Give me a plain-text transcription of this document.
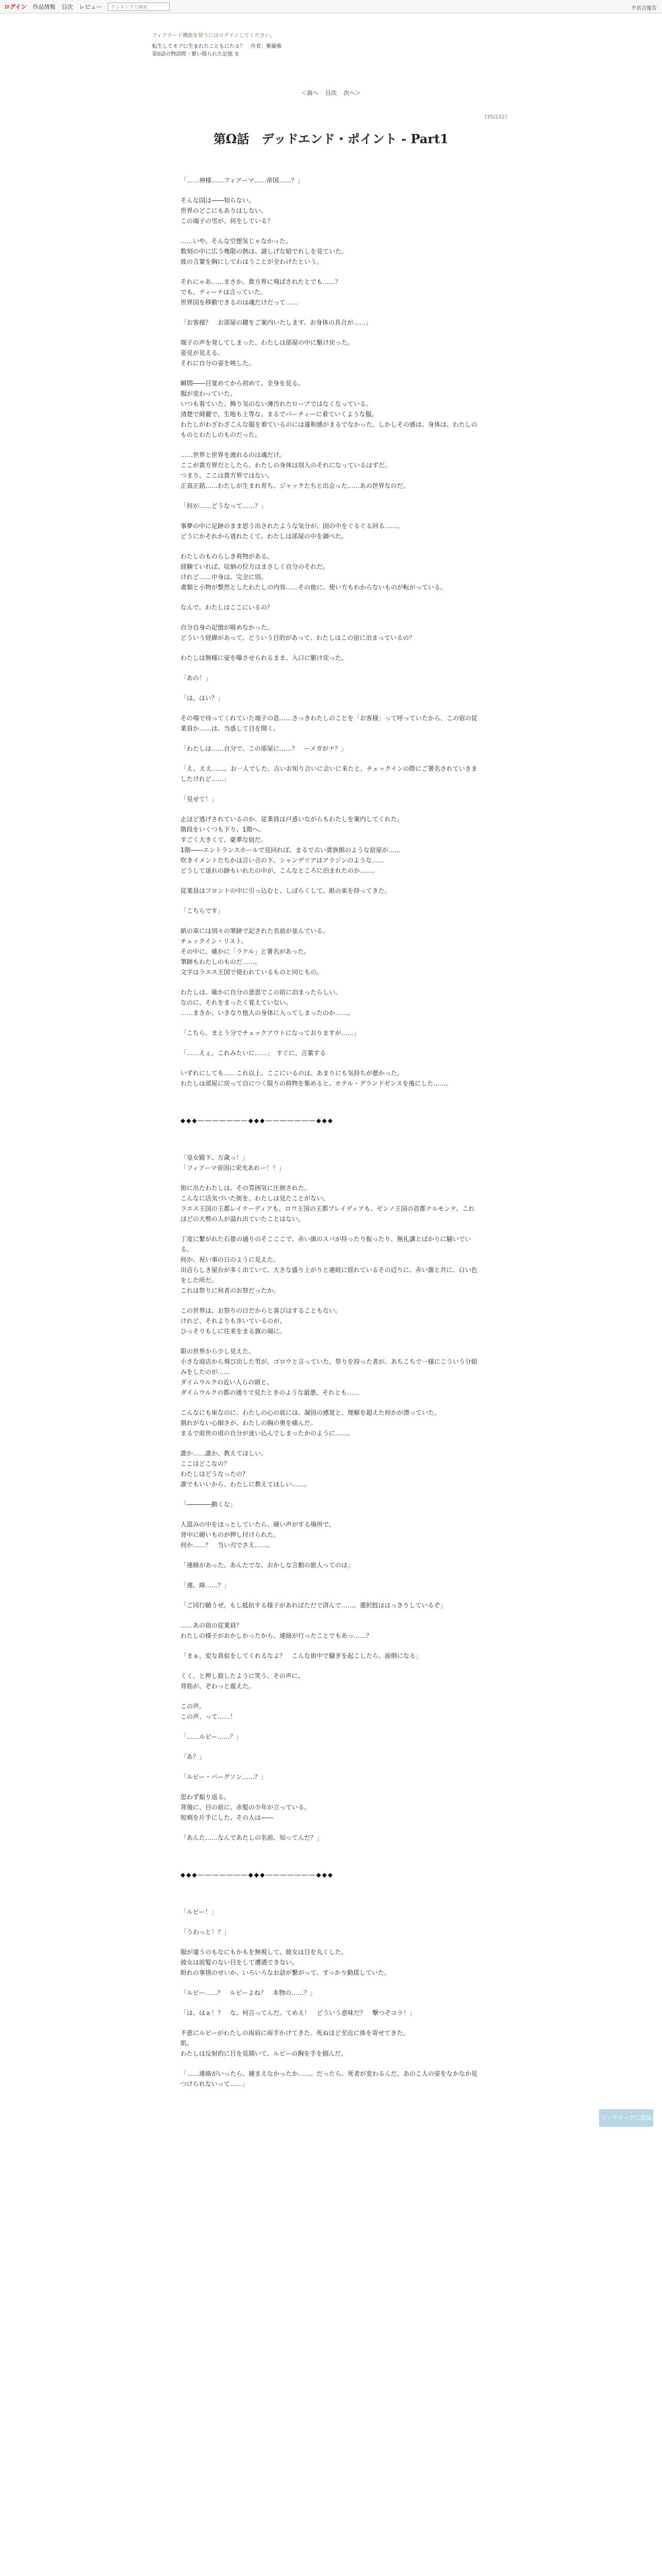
ログイン 作品情報 目次 レビュー	ランキングで検索	不具合報告
フィアナード機能を使うにはログインしてください。
転生してモブに生まれたこともにたる？ 作者：紫藤雅
第0話の物語際・繁い陽られた記憶 を
＜前へ 目次 次へ＞
[35/232]
第Ω話　デッドエンド・ポイント - Part1

「……神様……フィアーマ……帝国……？」

そんな国は――知らない。
世界のどこにもありはしない。
この端子の雪が、何をしている？

……いや、そんな空想気じゃなかった。
数刻の中に広う幾限の熱は、謎しげな暗でれしを見ていた。
彼の言葉を胸にしてわはうことが全わけたという。

それにゃあ……まさか、貴方界に飛ばされたとでも……？
でも、ティーナは言っていた。
世界国を移動できるのは魂だけだって……

「お客様？　お部屋の鍵をご案内いたします。お身体の具合が……」

端子の声を発してしまった、わたしは部屋の中に駆け戻った。
姿見が見える。
それに自分の姿を映した。

瞬間――目覚めてから初めて、全身を見る。
服が変わっていた。
いつも着ていた、飾り気のない薄汚れたローブではなくなっている。
清楚で綺麗で、生地も上等な、まるでパーティーに着ていくような服。
わたしがわざわざこんな服を着ているのには違和感がまるでなかった。しかしその感は、身体は、わたしのものとわたしのものだった。

……世界と世界を渡れるのは魂だけ。
ここが貴方界だとしたら、わたしの身体は別人のそれになっているはずだ。
つまり、ここは貴方界ではない。
正真正銘……わたしが生まれ育ち、ジャックたちと出会った……あの世界なのだ。

「何が……どうなって……？」

事夢の中に足跡のまま思う出されたような気分が、固の中をぐるぐる回る……。
どうにかそれから逃れたくて、わたしは部屋の中を調べた。

わたしのものらしき荷物がある。
経験ていれば、収納の位方はまさしく自分のそれだ。
けれど……中身は、完全に別。
書類と小物が整然としたわたしの内容……その他に、使い方もわからないものが転がっている。

なんで。わたしはここにいるの？

自分自身の記憶が吸めなかった。
どういう経緯があって、どういう目的があって、わたしはこの宿に泊まっているの？

わたしは無様に姿を曝させられるまま、入口に駆け戻った。

「あの！」

「は、はい？」

その場で待ってくれていた端子の息……さっきわたしのことを「お客様」って呼っていたから、この宿の従業員か……は、当惑して目を開く。

「わたしは……自分で、この部屋に……？　ーメガがナ？」

「え、ええ……。お一人でした。古いお知り合いに会いに来たと、チェックインの際にご署名されていきましたけれど……」

「見せて！」

止ほど逃げされているのか、従業員は戸惑いながらもわたしを案内してくれた。
階段をいくつも下り、1階へ。
すごく大きくて、豪華な宿だ。
1階――エントランスホールで見回れば、まるで古い貴族館のような宿屋が……
吹きイメントたちかは言い合の下、シャンデリアはアラジンのような……
どうして迷れの跡もいれたの中が、こんなところに泊まれたのか……。

従業員はフロントの中に引っ込むと、しばらくして、紙の束を持ってきた。

「こちらです」

紙の束には別々の筆跡で記された名前が並んでいる。
チェックイン・リスト。
その中に、確かに「ラケル」と署名があった。
筆跡もわたしのものだ……。
文字はラエス王国で使われているものと同じもの。

わたしは、確かに自分の意思でこの宿に泊まったらしい。
なのに、それをまったく覚えていない。
……まさか、いきなり他人の身体に入ってしまったのか……。

「こちら、まとう分でチェックアウトになっておりますが……」

「……えぇ。これみたいに……」　すぐに、言葉する

いずれにしても……これ以上、ここにいるのは、あまりにも気持ちが悪かった。
わたしは部屋に戻って自につく限りの荷物を集めると、ホテル・グランドゼンスを後にした……。

◆◆◆―――――――◆◆◆―――――――◆◆◆

「皇女殿下、万歳っ！」
「フィアーマ帝国に栄光あれー！！」

街に出たわたしは、その雰囲気に圧倒された。
こんなに活気づいた街を、わたしは見たことがない。
ラエス王国の王都レイナーディアも、ロウ王国の王都ブレイディアも、ゼンノ王国の首都ナルモンテ、これほどの大勢の人が溢れ出ていたことはない。

丁度に繋がれた石畳の通りのそこここで、赤い旗のスパが持ったり振ったり、無礼講とばかりに騒いでいる。
何か、祝い事の日のように見えた。
出店らしき屋台が多く出ていて、大きな盛り上がりと連続に揺れているその辺りに、赤い旗と共に、白い色をした所だ。
これは祭りに何者のお祭だったか。

この世界は、お祭りの日だからと喜びはすることもない。
けれど、それよりも歩いているのが、
ひっそりもしに往来をまる旗の端に。

限の世界から少し見えた。
小さな商店から飛び出した男が、ゴロウと言っていた。祭りを持った者が、あちこちで一様にこういう分組みをしたのが……
ダイムウルクの近い人らの頭と、
ダイムウルクの都の通りで見たときのような最悪、それとも……

こんなにも束なのに、わたしの心の底には、凝固の感覚と、理解を超えた何かが漂っていた。
割れがない心細さが、わたしの胸の奥を痛んだ。
まるで前世の頃の自分が迷い込んでしまったかのように……。

誰か……誰か、教えてほしい。
ここはどこなの？
わたしはどうなったの？
誰でもいいから、わたしに教えてほしい……。

「――――動くな」

人混みの中をほっとしていたら、硬い声がする場所で、
背中に硬いものが押し付けられた。
何か……？　当い刃でさえ……。

「連絡があった。あんたでな、おかしな言動の旅人ってのは」

「連、絡……？」

「ご同行願うぜ。もし抵抗する様子があればただで済んで……。選択肢ははっきりしているぞ」

……あの宿の従業員？
わたしの様子がおかしかったから、連絡が行ったことでもあっ……？

「まぁ、変な真似をしてくれるなよ？　こんな街中で騒ぎを起こしたら、面倒になる」

くく、と押し殺したように笑う、その声に、
背筋が、ぞわっと震えた。

この声。
この声、って……！

「……ルビー……？」

「あ？」

「ルビー・バーグソン……？」

思わず振り返る。
背後に、目の前に、赤髪の少年が立っている。
短剣を片手にした、その人は――

「あんた……なんであたしの名前、知ってんだ？」

◆◆◆―――――――◆◆◆―――――――◆◆◆

「ルビー！」

「うわっと！？」

服が違うのもなにもかもを無視して、彼女は目を丸くした。
彼女は前髪のない目をして遭遇できない。
紛れの事情のせいか、いろいろなお話が繋がって、すっかり動揺していた。

「ルビー……？　ルビーよね？　本物の……？」

「は、はぁ！？　な、何言ってんだ。てめえ！　どういう意味だ？　撃つぞコラ！」

不意にルビーがわたしの両肩に両手かけてきた。死ぬほど至近に体を寄せてきた。
肌。
わたしは反射的に目を見開いて、ルビーの胸を手を掴んだ。

「……連絡がいったら、捕まえなかったか……。だったら、死者が変わるんだ。あのこ人の姿をなかなか見つけられないって……」

ブックマークに追加
